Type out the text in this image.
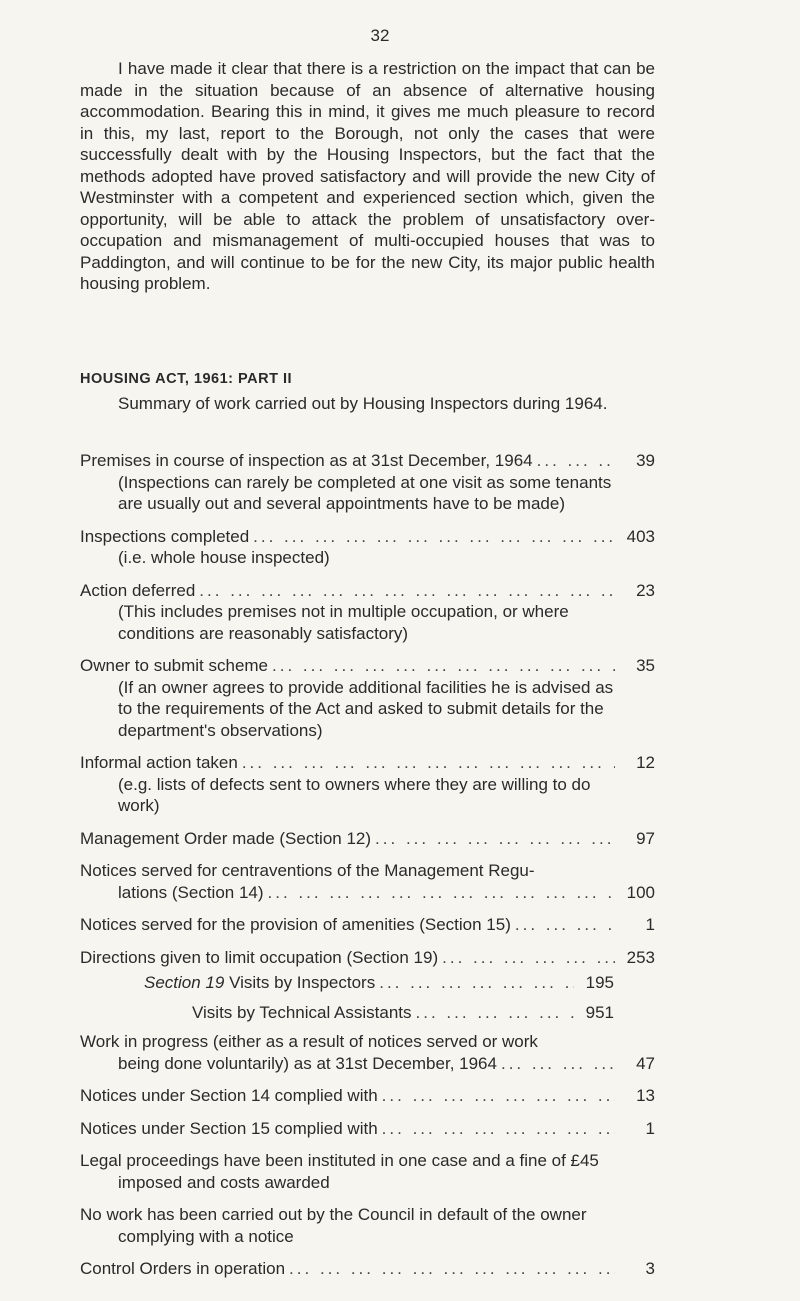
32

I have made it clear that there is a restriction on the impact that can be made in the situation because of an absence of alternative housing accommodation. Bearing this in mind, it gives me much pleasure to record in this, my last, report to the Borough, not only the cases that were successfully dealt with by the Housing Inspectors, but the fact that the methods adopted have proved satisfactory and will provide the new City of Westminster with a competent and experienced section which, given the opportunity, will be able to attack the problem of unsatisfactory over-occupation and mismanagement of multi-occupied houses that was to Paddington, and will continue to be for the new City, its major public health housing problem.

HOUSING ACT, 1961: PART II

Summary of work carried out by Housing Inspectors during 1964.

Premises in course of inspection as at 31st December, 1964 ... .	39
(Inspections can rarely be completed at one visit as some tenants are usually out and several appointments have to be made)
Inspections completed ... .	403
(i.e. whole house inspected)
Action deferred ... .	23
(This includes premises not in multiple occupation, or where conditions are reasonably satisfactory)
Owner to submit scheme ... .	35
(If an owner agrees to provide additional facilities he is advised as to the requirements of the Act and asked to submit details for the department's observations)
Informal action taken ... .	12
(e.g. lists of defects sent to owners where they are willing to do work)
Management Order made (Section 12) ... .	97
Notices served for centraventions of the Management Regu-
lations (Section 14) ... .	100
Notices served for the provision of amenities (Section 15) ... .	1
Directions given to limit occupation (Section 19) ... .	253
Section 19 Visits by Inspectors ... .	195
Visits by Technical Assistants ... .	951
Work in progress (either as a result of notices served or work
being done voluntarily) as at 31st December, 1964 ... .	47
Notices under Section 14 complied with ... .	13
Notices under Section 15 complied with ... .	1
Legal proceedings have been instituted in one case and a fine of £45 imposed and costs awarded
No work has been carried out by the Council in default of the owner complying with a notice
Control Orders in operation ... .	3
